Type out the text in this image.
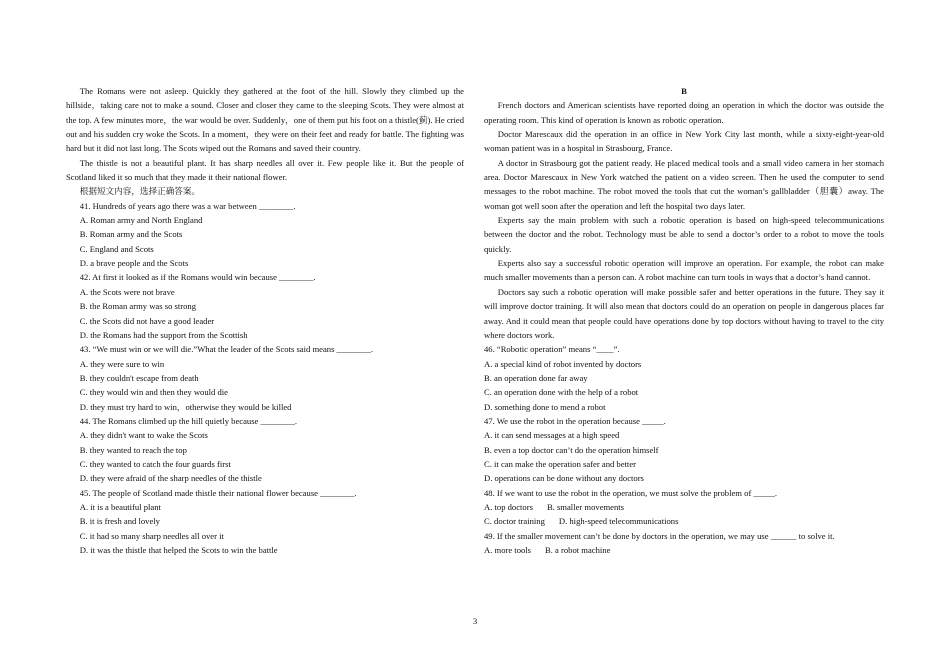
The Romans were not asleep. Quickly they gathered at the foot of the hill. Slowly they climbed up the hillside，taking care not to make a sound. Closer and closer they came to the sleeping Scots. They were almost at the top. A few minutes more，the war would be over. Suddenly，one of them put his foot on a thistle(蓟). He cried out and his sudden cry woke the Scots. In a moment，they were on their feet and ready for battle. The fighting was hard but it did not last long. The Scots wiped out the Romans and saved their country.

The thistle is not a beautiful plant. It has sharp needles all over it. Few people like it. But the people of Scotland liked it so much that they made it their national flower.

根据短文内容，选择正确答案。

41. Hundreds of years ago there was a war between ________.

A. Roman army and North England

B. Roman army and the Scots

C. England and Scots

D. a brave people and the Scots

42. At first it looked as if the Romans would win because ________.

A. the Scots were not brave

B. the Roman army was so strong

C. the Scots did not have a good leader

D. the Romans had the support from the Scottish

43. “We must win or we will die.”What the leader of the Scots said means ________.

A. they were sure to win

B. they couldn't escape from death

C. they would win and then they would die

D. they must try hard to win，otherwise they would be killed

44. The Romans climbed up the hill quietly because ________.

A. they didn't want to wake the Scots

B. they wanted to reach the top

C. they wanted to catch the four guards first

D. they were afraid of the sharp needles of the thistle

45. The people of Scotland made thistle their national flower because ________.

A. it is a beautiful plant

B. it is fresh and lovely

C. it had so many sharp needles all over it

D. it was the thistle that helped the Scots to win the battle

B

French doctors and American scientists have reported doing an operation in which the doctor was outside the operating room. This kind of operation is known as robotic operation.

Doctor Marescaux did the operation in an office in New York City last month, while a sixty-eight-year-old woman patient was in a hospital in Strasbourg, France.

A doctor in Strasbourg got the patient ready. He placed medical tools and a small video camera in her stomach area. Doctor Marescaux in New York watched the patient on a video screen. Then he used the computer to send messages to the robot machine. The robot moved the tools that cut the woman’s gallbladder（胆囊）away. The woman got well soon after the operation and left the hospital two days later.

Experts say the main problem with such a robotic operation is based on high-speed telecommunications between the doctor and the robot. Technology must be able to send a doctor’s order to a robot to move the tools quickly.

Experts also say a successful robotic operation will improve an operation. For example, the robot can make much smaller movements than a person can. A robot machine can turn tools in ways that a doctor’s hand cannot.

Doctors say such a robotic operation will make possible safer and better operations in the future. They say it will improve doctor training. It will also mean that doctors could do an operation on people in dangerous places far away. And it could mean that people could have operations done by top doctors without having to travel to the city where doctors work.

46. “Robotic operation” means “____”.

A. a special kind of robot invented by doctors

B. an operation done far away

C. an operation done with the help of a robot

D. something done to mend a robot

47. We use the robot in the operation because _____.

A. it can send messages at a high speed

B. even a top doctor can’t do the operation himself

C. it can make the operation safer and better

D. operations can be done without any doctors

48. If we want to use the robot in the operation, we must solve the problem of _____.

A. top doctors B. smaller movements

C. doctor training D. high-speed telecommunications

49. If the smaller movement can’t be done by doctors in the operation, we may use ______ to solve it.

A. more tools B. a robot machine

3
